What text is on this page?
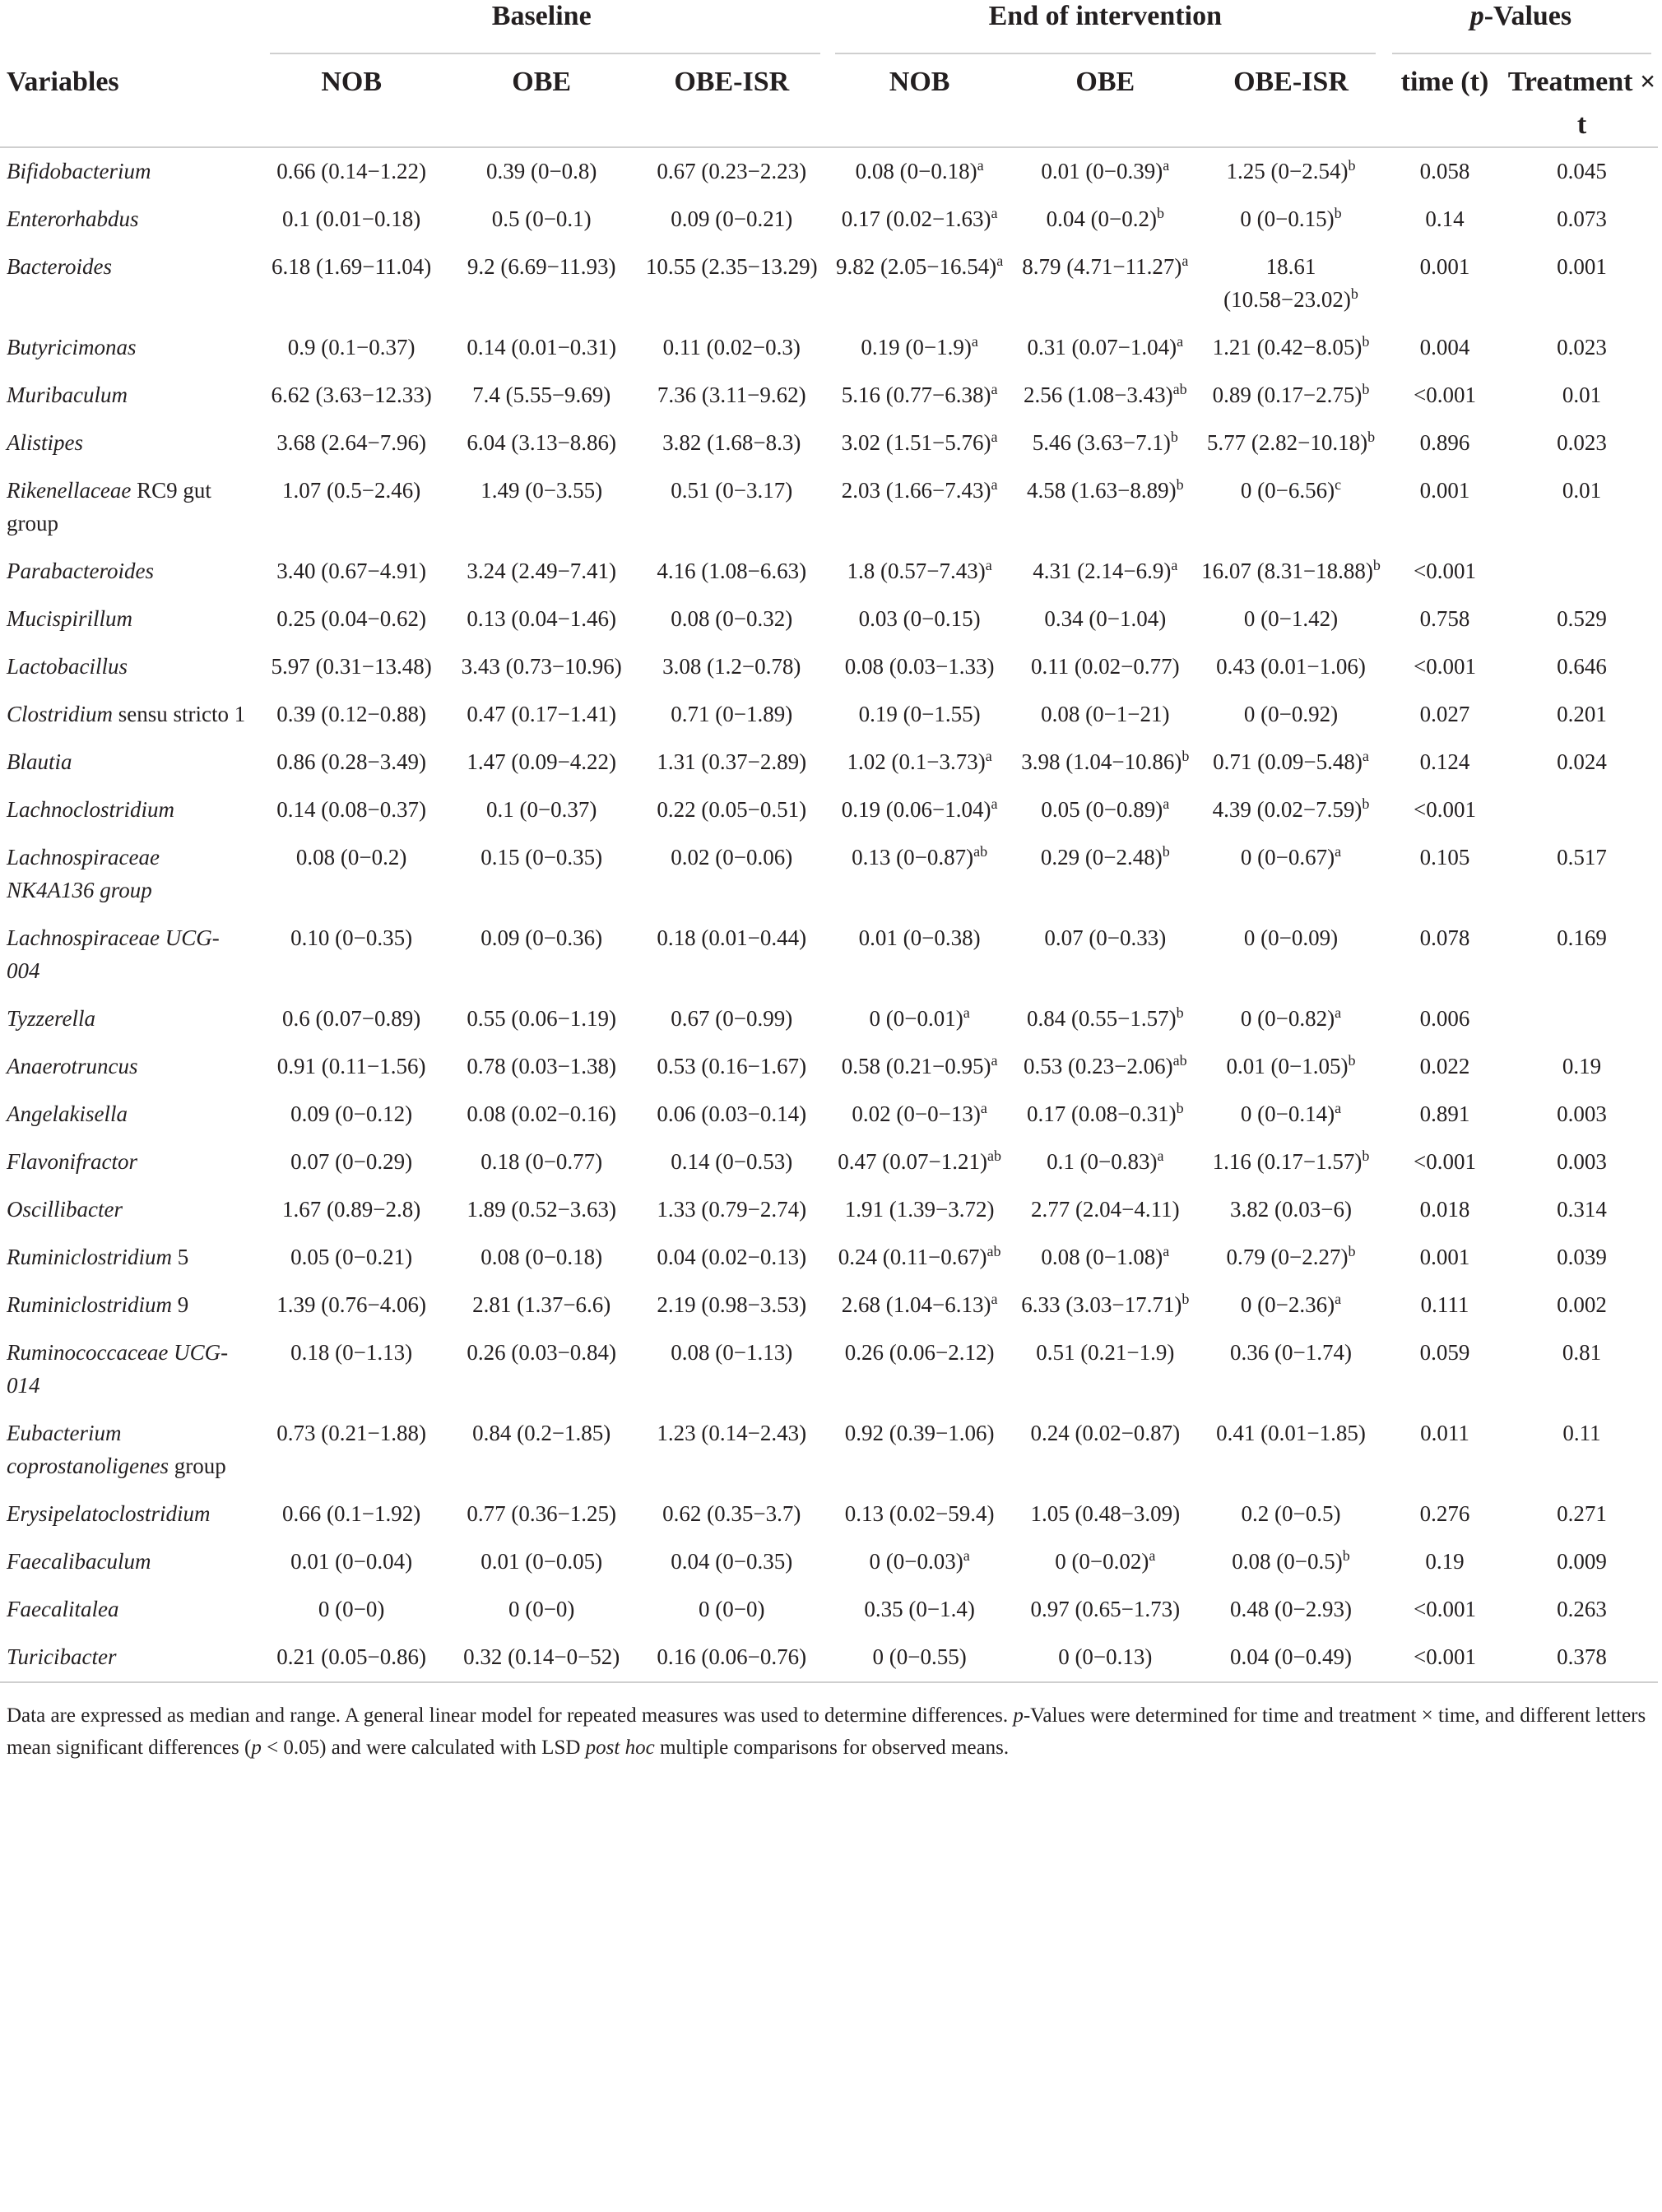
	Baseline			End of intervention			p-Values	

Variables	NOB	OBE	OBE-ISR	NOB	OBE	OBE-ISR	time (t)	Treatment × t

Bifidobacterium	0.66 (0.14−1.22)	0.39 (0−0.8)	0.67 (0.23−2.23)	0.08 $(0-0.18)^a$	0.01 $(0-0.39)^a$	1.25 $(0-2.54)^b$	0.058	0.045
Enterorhabdus	0.1 (0.01−0.18)	0.5 (0−0.1)	0.09 (0−0.21)	0.17 $(0.02-1.63)^a$	0.04 $(0-0.2)^b$	0 $(0-0.15)^b$	0.14	0.073
Bacteroides	6.18 (1.69−11.04)	9.2 (6.69−11.93)	10.55 (2.35−13.29)	9.82 $(2.05-16.54)^a$	8.79 $(4.71-11.27)^a$	18.61 $(10.58-23.02)^b$	0.001	0.001
Butyricimonas	0.9 (0.1−0.37)	0.14 (0.01−0.31)	0.11 (0.02−0.3)	0.19 $(0-1.9)^a$	0.31 $(0.07-1.04)^a$	1.21 $(0.42-8.05)^b$	0.004	0.023
Muribaculum	6.62 (3.63−12.33)	7.4 (5.55−9.69)	7.36 (3.11−9.62)	5.16 $(0.77-6.38)^a$	2.56 $(1.08-3.43)^{ab}$	0.89 $(0.17-2.75)^b$	<0.001	0.01
Alistipes	3.68 (2.64−7.96)	6.04 (3.13−8.86)	3.82 (1.68−8.3)	3.02 $(1.51-5.76)^a$	5.46 $(3.63-7.1)^b$	5.77 $(2.82-10.18)^b$	0.896	0.023
Rikenellaceae RC9 gut group	1.07 (0.5−2.46)	1.49 (0−3.55)	0.51 (0−3.17)	2.03 $(1.66-7.43)^a$	4.58 $(1.63-8.89)^b$	0 $(0-6.56)^c$	0.001	0.01
Parabacteroides	3.40 (0.67−4.91)	3.24 (2.49−7.41)	4.16 (1.08−6.63)	1.8 $(0.57-7.43)^a$	4.31 $(2.14-6.9)^a$	16.07 $(8.31-18.88)^b$	<0.001	
Mucispirillum	0.25 (0.04−0.62)	0.13 (0.04−1.46)	0.08 (0−0.32)	0.03 (0−0.15)	0.34 (0−1.04)	0 (0−1.42)	0.758	0.529
Lactobacillus	5.97 (0.31−13.48)	3.43 (0.73−10.96)	3.08 (1.2−0.78)	0.08 (0.03−1.33)	0.11 (0.02−0.77)	0.43 (0.01−1.06)	<0.001	0.646
Clostridium sensu stricto 1	0.39 (0.12−0.88)	0.47 (0.17−1.41)	0.71 (0−1.89)	0.19 (0−1.55)	0.08 (0−1−21)	0 (0−0.92)	0.027	0.201
Blautia	0.86 (0.28−3.49)	1.47 (0.09−4.22)	1.31 (0.37−2.89)	1.02 $(0.1-3.73)^a$	3.98 $(1.04-10.86)^b$	0.71 $(0.09-5.48)^a$	0.124	0.024
Lachnoclostridium	0.14 (0.08−0.37)	0.1 (0−0.37)	0.22 (0.05−0.51)	0.19 $(0.06-1.04)^a$	0.05 $(0-0.89)^a$	4.39 $(0.02-7.59)^b$	<0.001	
Lachnospiraceae NK4A136 group	0.08 (0−0.2)	0.15 (0−0.35)	0.02 (0−0.06)	0.13 $(0-0.87)^{ab}$	0.29 $(0-2.48)^b$	0 $(0-0.67)^a$	0.105	0.517
Lachnospiraceae UCG-004	0.10 (0−0.35)	0.09 (0−0.36)	0.18 (0.01−0.44)	0.01 (0−0.38)	0.07 (0−0.33)	0 (0−0.09)	0.078	0.169
Tyzzerella	0.6 (0.07−0.89)	0.55 (0.06−1.19)	0.67 (0−0.99)	0 $(0-0.01)^a$	0.84 $(0.55-1.57)^b$	0 $(0-0.82)^a$	0.006	
Anaerotruncus	0.91 (0.11−1.56)	0.78 (0.03−1.38)	0.53 (0.16−1.67)	0.58 $(0.21-0.95)^a$	0.53 $(0.23-2.06)^{ab}$	0.01 $(0-1.05)^b$	0.022	0.19
Angelakisella	0.09 (0−0.12)	0.08 (0.02−0.16)	0.06 (0.03−0.14)	0.02 $(0-0-13)^a$	0.17 $(0.08-0.31)^b$	0 $(0-0.14)^a$	0.891	0.003
Flavonifractor	0.07 (0−0.29)	0.18 (0−0.77)	0.14 (0−0.53)	0.47 $(0.07-1.21)^{ab}$	0.1 $(0-0.83)^a$	1.16 $(0.17-1.57)^b$	<0.001	0.003
Oscillibacter	1.67 (0.89−2.8)	1.89 (0.52−3.63)	1.33 (0.79−2.74)	1.91 (1.39−3.72)	2.77 (2.04−4.11)	3.82 (0.03−6)	0.018	0.314
Ruminiclostridium 5	0.05 (0−0.21)	0.08 (0−0.18)	0.04 (0.02−0.13)	0.24 $(0.11-0.67)^{ab}$	0.08 $(0-1.08)^a$	0.79 $(0-2.27)^b$	0.001	0.039
Ruminiclostridium 9	1.39 (0.76−4.06)	2.81 (1.37−6.6)	2.19 (0.98−3.53)	2.68 $(1.04-6.13)^a$	6.33 $(3.03-17.71)^b$	0 $(0-2.36)^a$	0.111	0.002
Ruminococcaceae UCG-014	0.18 (0−1.13)	0.26 (0.03−0.84)	0.08 (0−1.13)	0.26 (0.06−2.12)	0.51 (0.21−1.9)	0.36 (0−1.74)	0.059	0.81
Eubacterium coprostanoligenes group	0.73 (0.21−1.88)	0.84 (0.2−1.85)	1.23 (0.14−2.43)	0.92 (0.39−1.06)	0.24 (0.02−0.87)	0.41 (0.01−1.85)	0.011	0.11
Erysipelatoclostridium	0.66 (0.1−1.92)	0.77 (0.36−1.25)	0.62 (0.35−3.7)	0.13 (0.02−59.4)	1.05 (0.48−3.09)	0.2 (0−0.5)	0.276	0.271
Faecalibaculum	0.01 (0−0.04)	0.01 (0−0.05)	0.04 (0−0.35)	0 $(0-0.03)^a$	0 $(0-0.02)^a$	0.08 $(0-0.5)^b$	0.19	0.009
Faecalitalea	0 (0−0)	0 (0−0)	0 (0−0)	0.35 (0−1.4)	0.97 (0.65−1.73)	0.48 (0−2.93)	<0.001	0.263
Turicibacter	0.21 (0.05−0.86)	0.32 (0.14−0−52)	0.16 (0.06−0.76)	0 (0−0.55)	0 (0−0.13)	0.04 (0−0.49)	<0.001	0.378

Data are expressed as median and range. A general linear model for repeated measures was used to determine differences. p-Values were determined for time and treatment × time, and different letters mean significant differences (p < 0.05) and were calculated with LSD post hoc multiple comparisons for observed means.
